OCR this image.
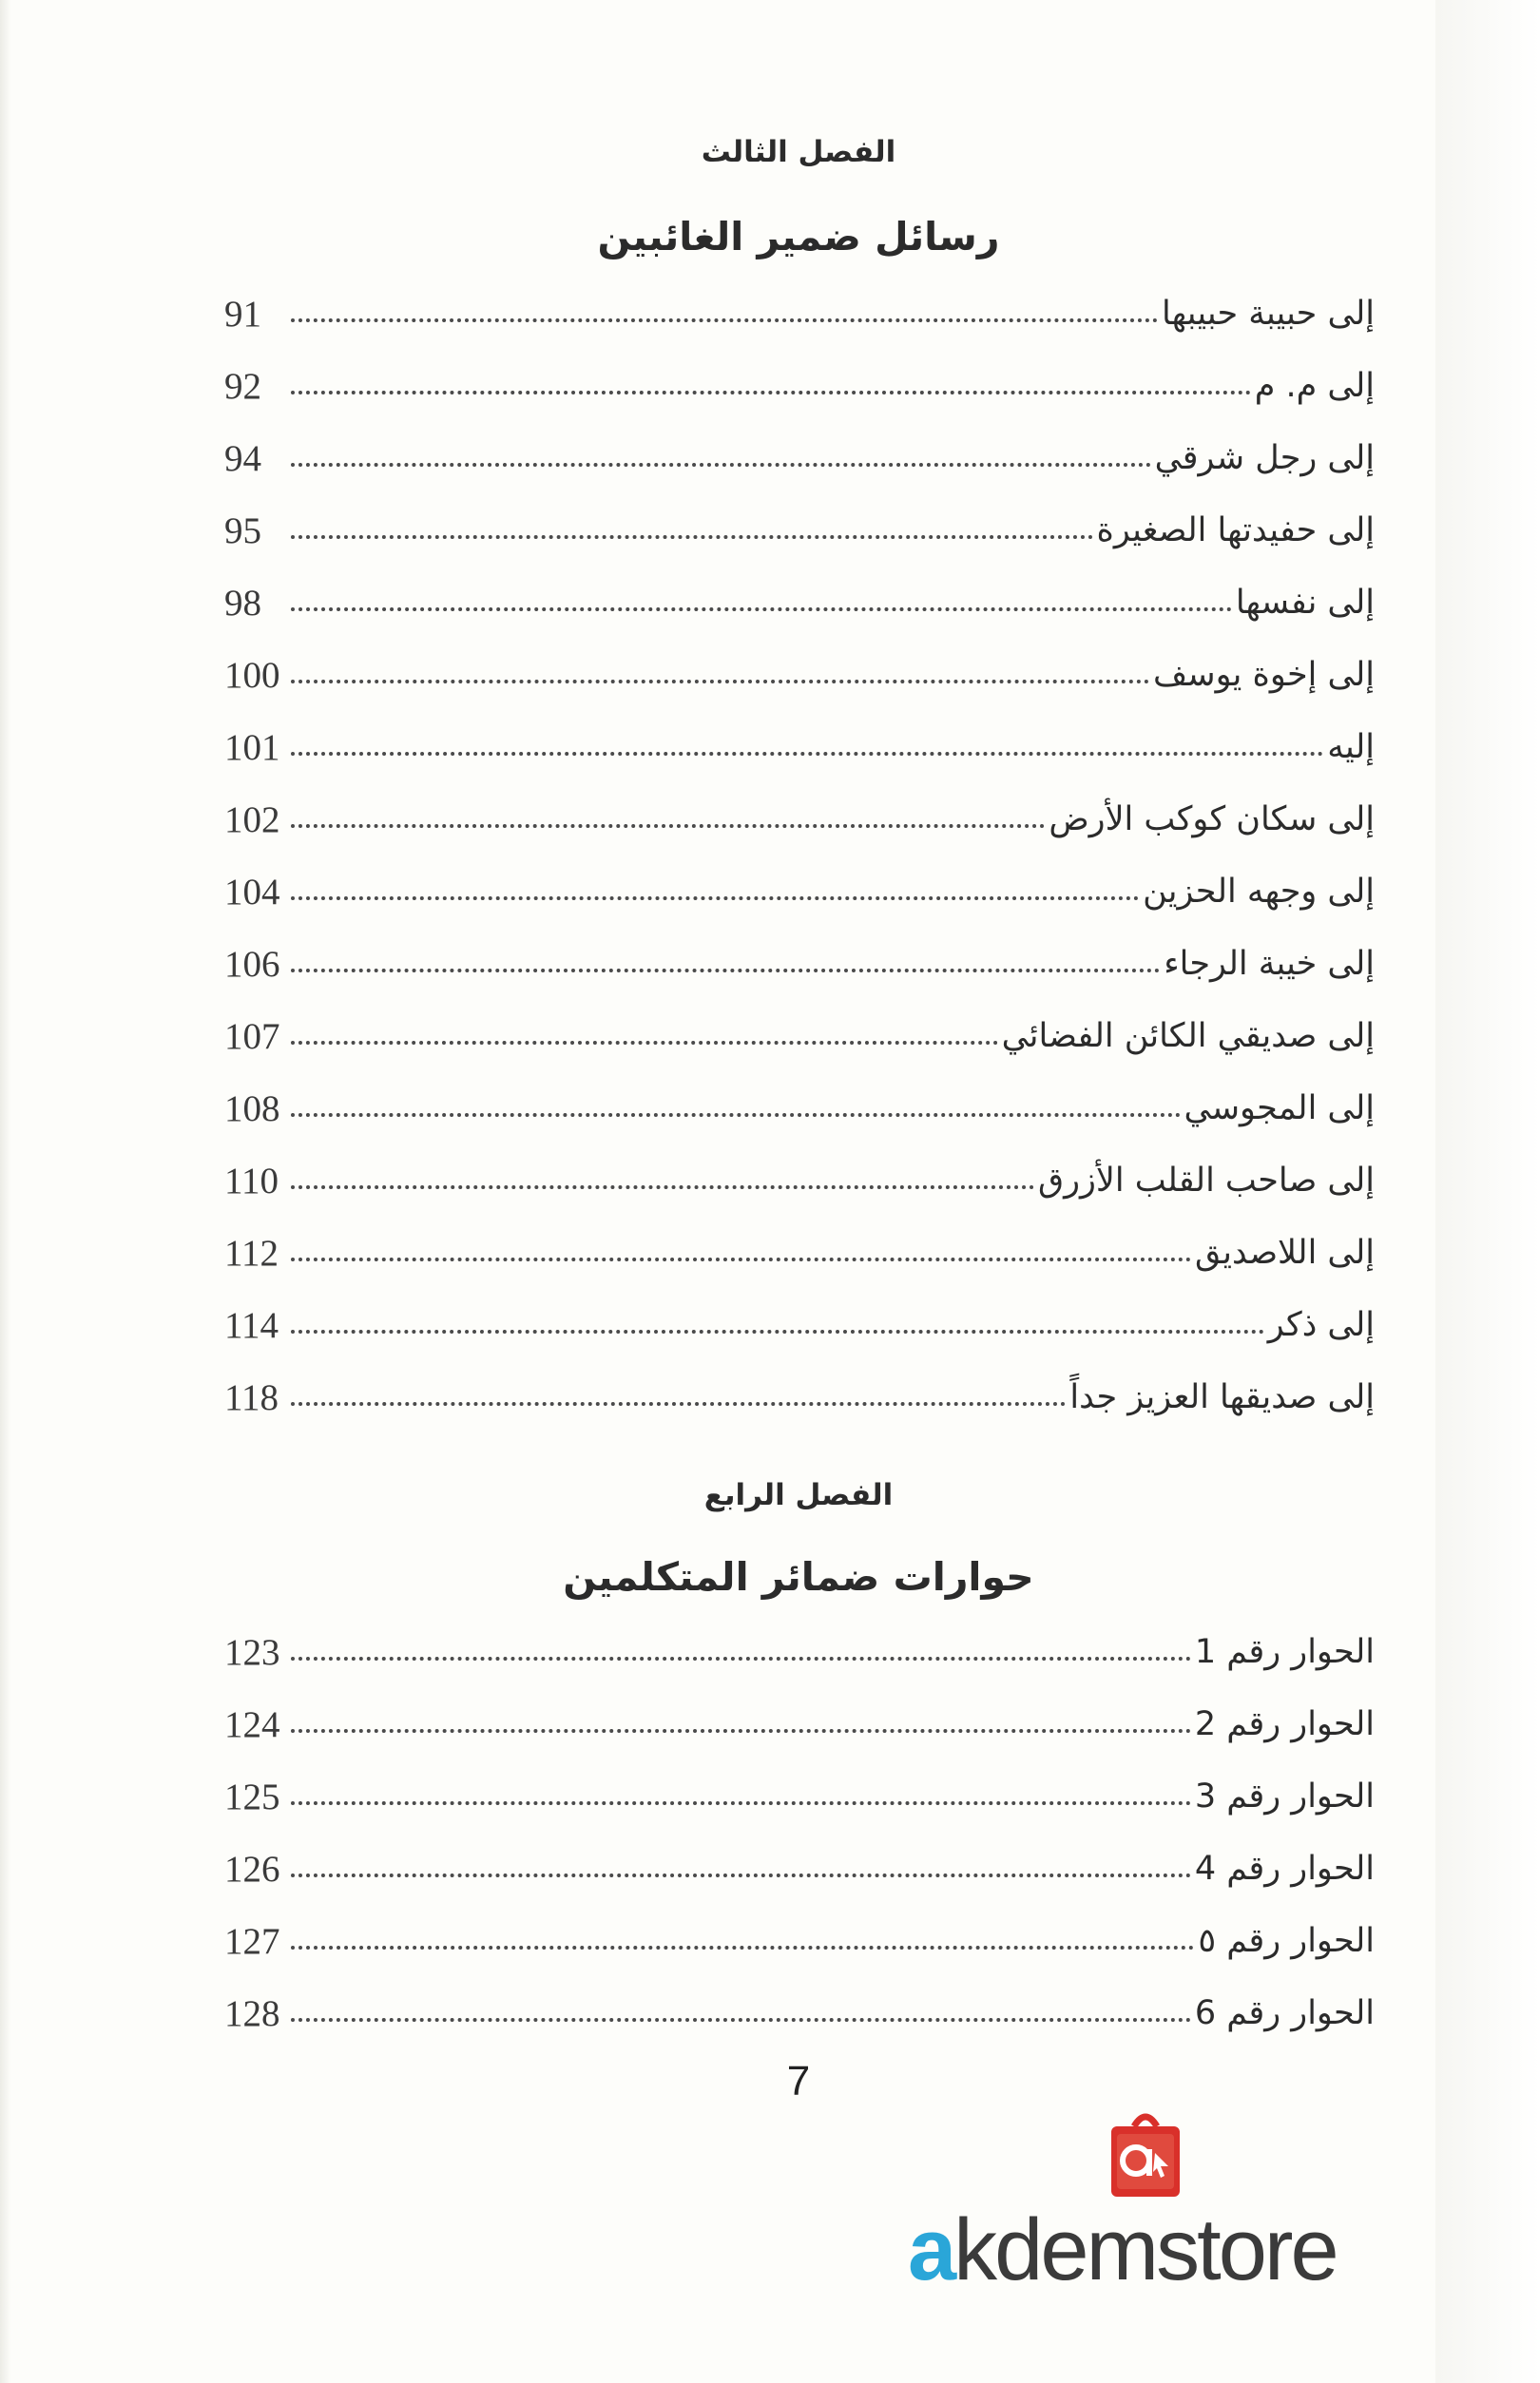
الفصل الثالث
رسائل ضمير الغائبين
91	إلى حبيبة حبيبها
92	إلى م. م
94	إلى رجل شرقي
95	إلى حفيدتها الصغيرة
98	إلى نفسها
100	إلى إخوة يوسف
101	إليه
102	إلى سكان كوكب الأرض
104	إلى وجهه الحزين
106	إلى خيبة الرجاء
107	إلى صديقي الكائن الفضائي
108	إلى المجوسي
110	إلى صاحب القلب الأزرق
112	إلى اللاصديق
114	إلى ذكر
118	إلى صديقها العزيز جداً
الفصل الرابع
حوارات ضمائر المتكلمين
123	الحوار رقم 1
124	الحوار رقم 2
125	الحوار رقم 3
126	الحوار رقم 4
127	الحوار رقم ٥
128	الحوار رقم 6
7
akdemstore
